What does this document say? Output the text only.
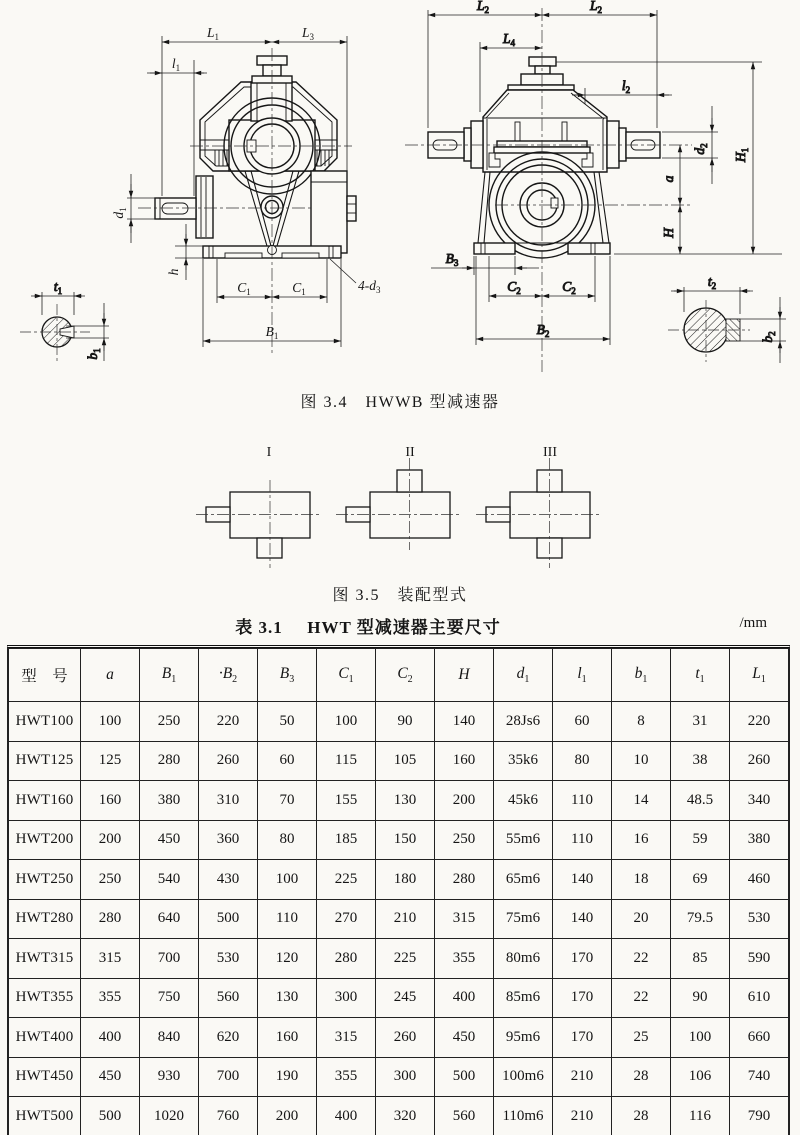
$L_1$	$L_3$
$l_1$
$d_1$
h
$C_1$	$C_1$
$B_1$
$4-d_3$
$t_1$
$b_1$
$L_2$	$L_2$
$L_4$
$l_2$
$d_2$
a
H
$H_1$
$B_3$
$C_2$	$C_2$
$B_2$
$t_2$
$b_2$
图 3.4　HWWB 型减速器
I	II	III
图 3.5　装配型式
表 3.1 HWT 型减速器主要尺寸	/mm
型　号	a	$B_1$	$\cdot B_2$	$B_3$	$C_1$	$C_2$	H	$d_1$	$l_1$	$b_1$	$t_1$	$L_1$
HWT100	100	250	220	50	100	90	140	28Js6	60	8	31	220
HWT125	125	280	260	60	115	105	160	35k6	80	10	38	260
HWT160	160	380	310	70	155	130	200	45k6	110	14	48.5	340
HWT200	200	450	360	80	185	150	250	55m6	110	16	59	380
HWT250	250	540	430	100	225	180	280	65m6	140	18	69	460
HWT280	280	640	500	110	270	210	315	75m6	140	20	79.5	530
HWT315	315	700	530	120	280	225	355	80m6	170	22	85	590
HWT355	355	750	560	130	300	245	400	85m6	170	22	90	610
HWT400	400	840	620	160	315	260	450	95m6	170	25	100	660
HWT450	450	930	700	190	355	300	500	100m6	210	28	106	740
HWT500	500	1020	760	200	400	320	560	110m6	210	28	116	790
